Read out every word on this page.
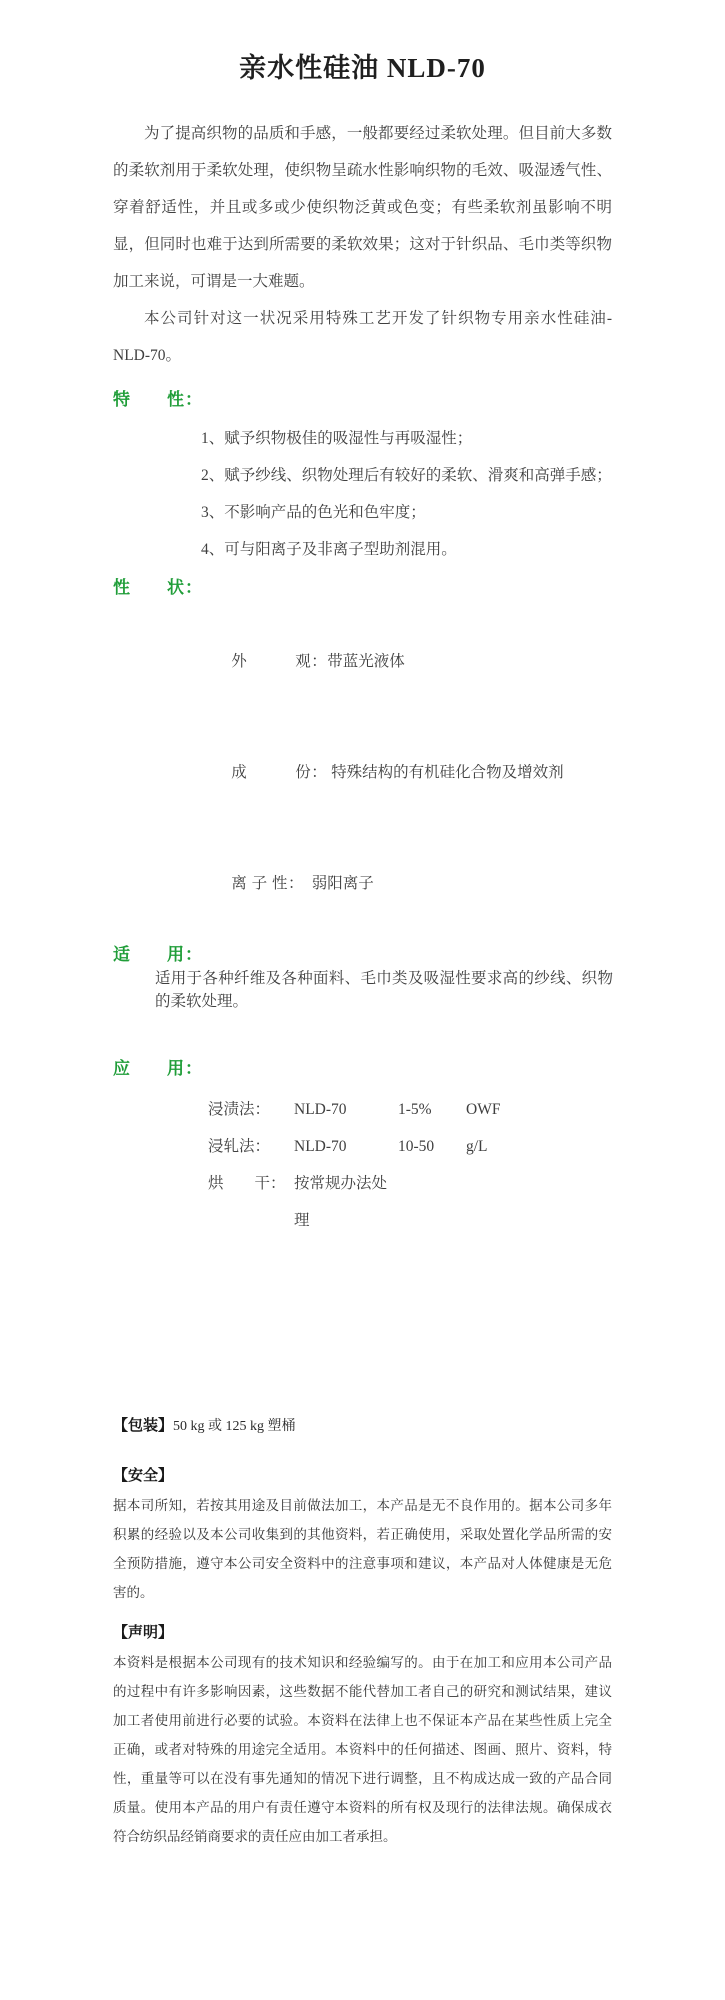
亲水性硅油 NLD-70

为了提高织物的品质和手感，一般都要经过柔软处理。但目前大多数的柔软剂用于柔软处理，使织物呈疏水性影响织物的毛效、吸湿透气性、穿着舒适性，并且或多或少使织物泛黄或色变；有些柔软剂虽影响不明显，但同时也难于达到所需要的柔软效果；这对于针织品、毛巾类等织物加工来说，可谓是一大难题。

本公司针对这一状况采用特殊工艺开发了针织物专用亲水性硅油-NLD-70。

特　　性：

1、赋予织物极佳的吸湿性与再吸湿性；

2、赋予纱线、织物处理后有较好的柔软、滑爽和高弹手感；

3、不影响产品的色光和色牢度；

4、可与阳离子及非离子型助剂混用。

性　　状：

外　　　观：带蓝光液体

成　　　份： 特殊结构的有机硅化合物及增效剂

离 子 性：  弱阳离子

适　　用：

适用于各种纤维及各种面料、毛巾类及吸湿性要求高的纱线、织物的柔软处理。

应　　用：
浸渍法：	NLD-70	1-5%	OWF
浸轧法：	NLD-70	10-50	g/L
烘　　干： 按常规办法处理
【包装】50 kg 或 125 kg 塑桶
【安全】

据本司所知，若按其用途及目前做法加工，本产品是无不良作用的。据本公司多年积累的经验以及本公司收集到的其他资料，若正确使用，采取处置化学品所需的安全预防措施，遵守本公司安全资料中的注意事项和建议，本产品对人体健康是无危害的。

【声明】

本资料是根据本公司现有的技术知识和经验编写的。由于在加工和应用本公司产品的过程中有许多影响因素，这些数据不能代替加工者自己的研究和测试结果，建议加工者使用前进行必要的试验。本资料在法律上也不保证本产品在某些性质上完全正确，或者对特殊的用途完全适用。本资料中的任何描述、图画、照片、资料，特性，重量等可以在没有事先通知的情况下进行调整，且不构成达成一致的产品合同质量。使用本产品的用户有责任遵守本资料的所有权及现行的法律法规。确保成衣符合纺织品经销商要求的责任应由加工者承担。
